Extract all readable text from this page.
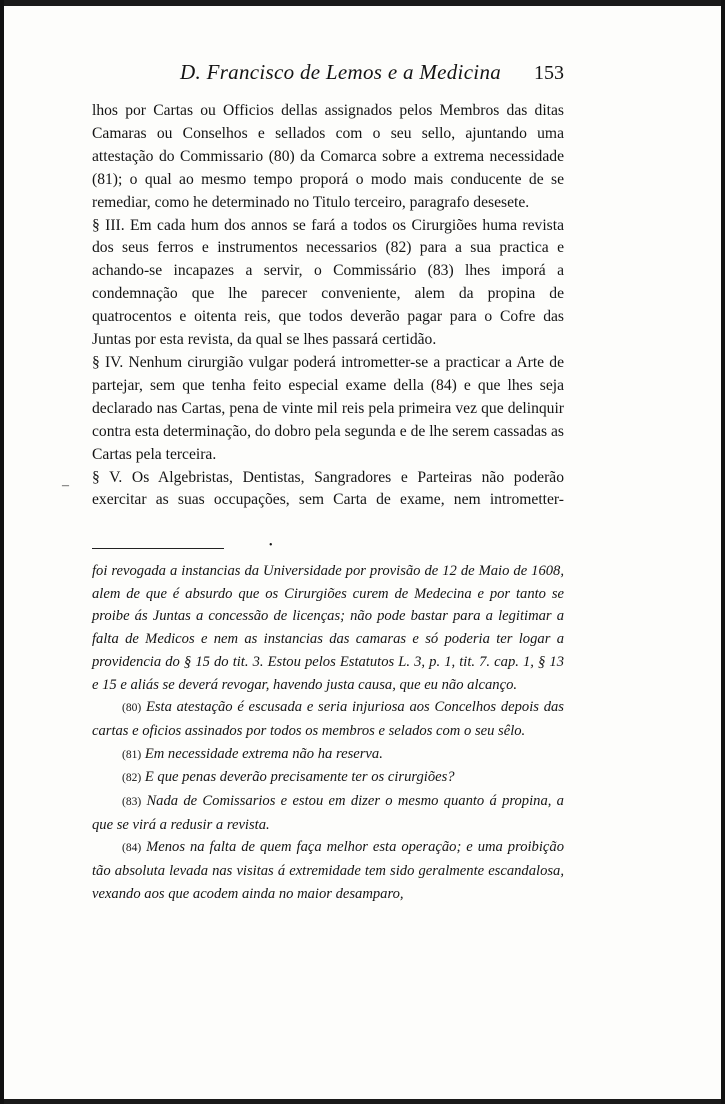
D. Francisco de Lemos e a Medicina 153

lhos por Cartas ou Officios dellas assignados pelos Membros das ditas Camaras ou Conselhos e sellados com o seu sello, ajuntando uma attestação do Commissario (80) da Comarca sobre a extrema necessidade (81); o qual ao mesmo tempo proporá o modo mais conducente de se remediar, como he determinado no Titulo terceiro, paragrafo desesete.

§ III. Em cada hum dos annos se fará a todos os Cirurgiões huma revista dos seus ferros e instrumentos necessarios (82) para a sua practica e achando-se incapazes a servir, o Commissário (83) lhes imporá a condemnação que lhe parecer conveniente, alem da propina de quatrocentos e oitenta reis, que todos deverão pagar para o Cofre das Juntas por esta revista, da qual se lhes passará certidão.

§ IV. Nenhum cirurgião vulgar poderá intrometter-se a practicar a Arte de partejar, sem que tenha feito especial exame della (84) e que lhes seja declarado nas Cartas, pena de vinte mil reis pela primeira vez que delinquir contra esta determinação, do dobro pela segunda e de lhe serem cassadas as Cartas pela terceira.

§ V. Os Algebristas, Dentistas, Sangradores e Parteiras não poderão exercitar as suas occupações, sem Carta de exame, nem intrometter-

–
•

foi revogada a instancias da Universidade por provisão de 12 de Maio de 1608, alem de que é absurdo que os Cirurgiões curem de Medecina e por tanto se proibe ás Juntas a concessão de licenças; não pode bastar para a legitimar a falta de Medicos e nem as instancias das camaras e só poderia ter logar a providencia do § 15 do tit. 3. Estou pelos Estatutos L. 3, p. 1, tit. 7. cap. 1, § 13 e 15 e aliás se deverá revogar, havendo justa causa, que eu não alcanço.

(80) Esta atestação é escusada e seria injuriosa aos Concelhos depois das cartas e oficios assinados por todos os membros e selados com o seu sêlo.

(81) Em necessidade extrema não ha reserva.

(82) E que penas deverão precisamente ter os cirurgiões?

(83) Nada de Comissarios e estou em dizer o mesmo quanto á propina, a que se virá a redusir a revista.

(84) Menos na falta de quem faça melhor esta operação; e uma proibição tão absoluta levada nas visitas á extremidade tem sido geralmente escandalosa, vexando aos que acodem ainda no maior desamparo,
